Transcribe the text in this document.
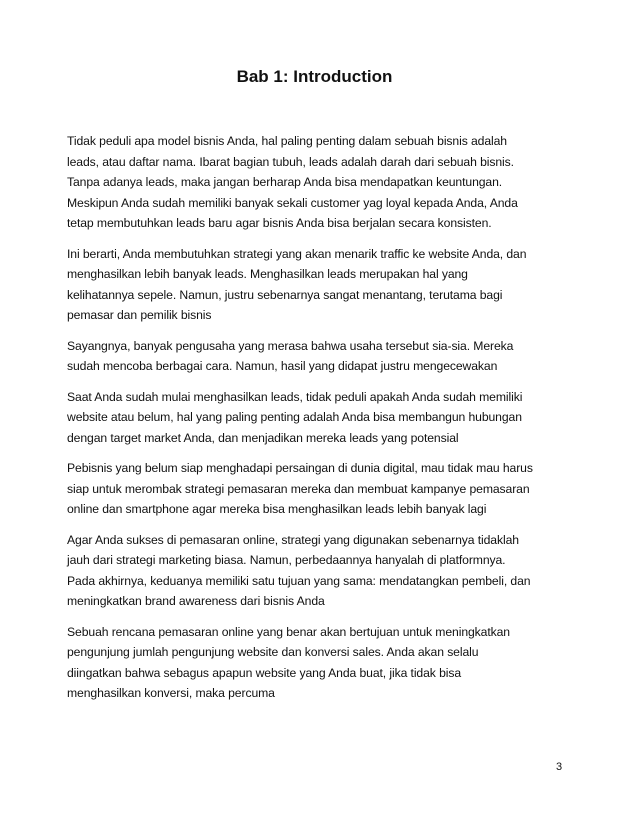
Bab 1: Introduction

Tidak peduli apa model bisnis Anda, hal paling penting dalam sebuah bisnis adalah
leads, atau daftar nama. Ibarat bagian tubuh, leads adalah darah dari sebuah bisnis.
Tanpa adanya leads, maka jangan berharap Anda bisa mendapatkan keuntungan.
Meskipun Anda sudah memiliki banyak sekali customer yag loyal kepada Anda, Anda
tetap membutuhkan leads baru agar bisnis Anda bisa berjalan secara konsisten.

Ini berarti, Anda membutuhkan strategi yang akan menarik traffic ke website Anda, dan
menghasilkan lebih banyak leads. Menghasilkan leads merupakan hal yang
kelihatannya sepele. Namun, justru sebenarnya sangat menantang, terutama bagi
pemasar dan pemilik bisnis

Sayangnya, banyak pengusaha yang merasa bahwa usaha tersebut sia-sia. Mereka
sudah mencoba berbagai cara. Namun, hasil yang didapat justru mengecewakan

Saat Anda sudah mulai menghasilkan leads, tidak peduli apakah Anda sudah memiliki
website atau belum, hal yang paling penting adalah Anda bisa membangun hubungan
dengan target market Anda, dan menjadikan mereka leads yang potensial

Pebisnis yang belum siap menghadapi persaingan di dunia digital, mau tidak mau harus
siap untuk merombak strategi pemasaran mereka dan membuat kampanye pemasaran
online dan smartphone agar mereka bisa menghasilkan leads lebih banyak lagi

Agar Anda sukses di pemasaran online, strategi yang digunakan sebenarnya tidaklah
jauh dari strategi marketing biasa. Namun, perbedaannya hanyalah di platformnya.
Pada akhirnya, keduanya memiliki satu tujuan yang sama: mendatangkan pembeli, dan
meningkatkan brand awareness dari bisnis Anda

Sebuah rencana pemasaran online yang benar akan bertujuan untuk meningkatkan
pengunjung jumlah pengunjung website dan konversi sales. Anda akan selalu
diingatkan bahwa sebagus apapun website yang Anda buat, jika tidak bisa
menghasilkan konversi, maka percuma

3
